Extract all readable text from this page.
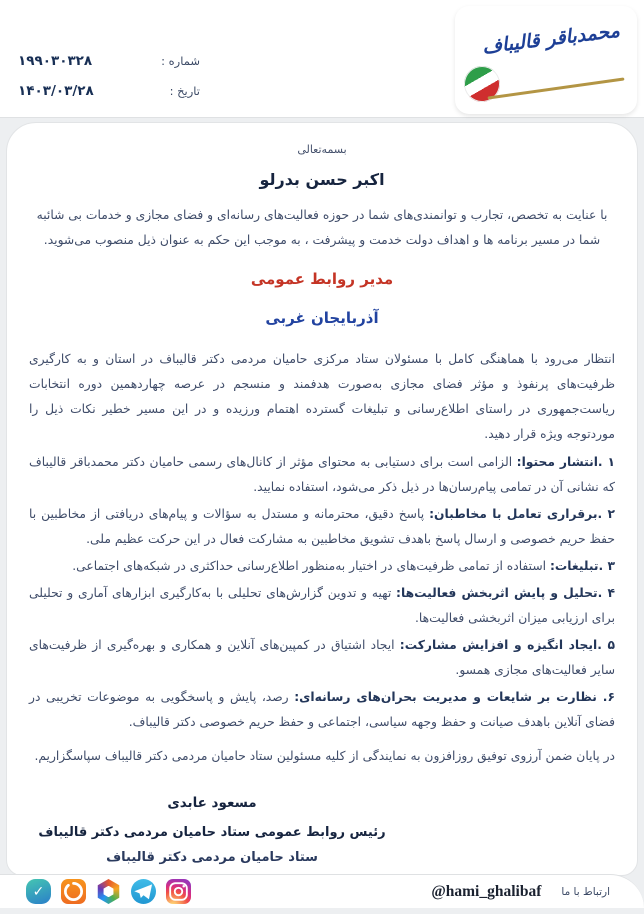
شماره :
۱۹۹۰۳۰۳۲۸
تاریخ :
۱۴۰۳/۰۳/۲۸
محمدباقر قالیباف
بسمه‌تعالی
اکبر حسن بدرلو

با عنایت به تخصص، تجارب و توانمندی‌های شما در حوزه فعالیت‌های رسانه‌ای و فضای مجازی و خدمات بی شائبه شما در مسیر برنامه ها و اهداف دولت خدمت و پیشرفت ، به موجب این حکم به عنوان ذیل منصوب می‌شوید.

مدیر روابط عمومی
آذربایجان غربی

انتظار می‌رود با هماهنگی کامل با مسئولان ستاد مرکزی حامیان مردمی دکتر قالیباف در استان و به کارگیری ظرفیت‌های پرنفوذ و مؤثر فضای مجازی به‌صورت هدفمند و منسجم در عرصه چهاردهمین دوره انتخابات ریاست‌جمهوری در راستای اطلاع‌رسانی و تبلیغات گسترده اهتمام ورزیده و در این مسیر خطیر نکات ذیل را موردتوجه ویژه قرار دهید.

۱ .انتشار محتوا: الزامی است برای دستیابی به محتوای مؤثر از کانال‌های رسمی حامیان دکتر محمدباقر قالیباف که نشانی آن در تمامی پیام‌رسان‌ها در ذیل ذکر می‌شود، استفاده نمایید.

۲ .برقراری تعامل با مخاطبان: پاسخ دقیق، محترمانه و مستدل به سؤالات و پیام‌های دریافتی از مخاطبین با حفظ حریم خصوصی و ارسال پاسخ باهدف تشویق مخاطبین به مشارکت فعال در این حرکت عظیم ملی.

۳ .تبلیغات: استفاده از تمامی ظرفیت‌های در اختیار به‌منظور اطلاع‌رسانی حداکثری در شبکه‌های اجتماعی.

۴ .تحلیل و پایش اثربخش فعالیت‌ها: تهیه و تدوین گزارش‌های تحلیلی با به‌کارگیری ابزارهای آماری و تحلیلی برای ارزیابی میزان اثربخشی فعالیت‌ها.

۵ .ایجاد انگیزه و افزایش مشارکت: ایجاد اشتیاق در کمپین‌های آنلاین و همکاری و بهره‌گیری از ظرفیت‌های سایر فعالیت‌های مجازی همسو.

۶. نظارت بر شایعات و مدیریت بحران‌های رسانه‌ای: رصد، پایش و پاسخگویی به موضوعات تخریبی در فضای آنلاین باهدف صیانت و حفظ وجهه سیاسی، اجتماعی و حفظ حریم خصوصی دکتر قالیباف.

در پایان ضمن آرزوی توفیق روزافزون به نمایندگی از کلیه مسئولین ستاد حامیان مردمی دکتر قالیباف سپاسگزاریم.

مسعود عابدی
رئیس روابط عمومی ستاد حامیان مردمی دکتر قالیباف
ستاد حامیان مردمی دکتر قالیباف
✓	@hami_ghalibaf ارتباط با ما
